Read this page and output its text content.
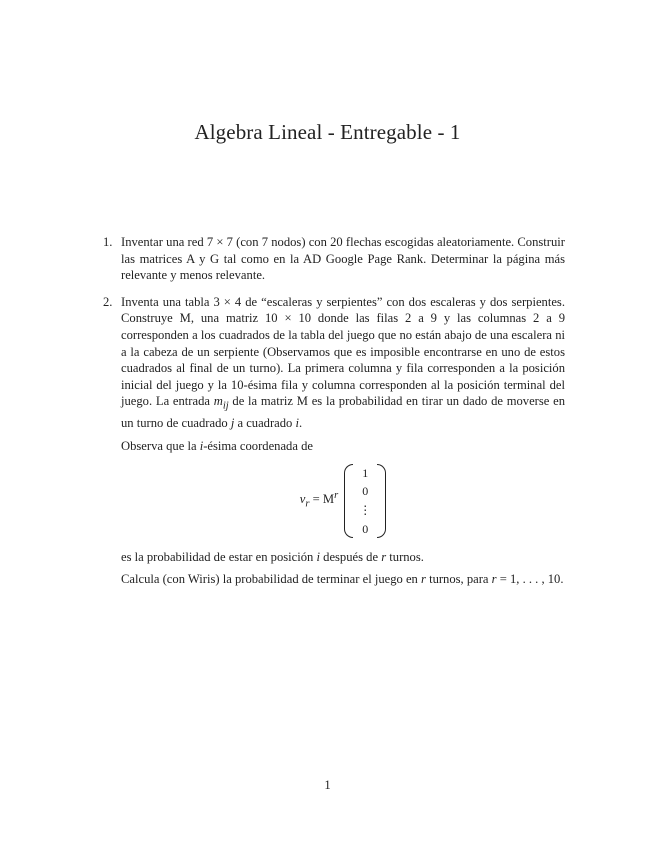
Algebra Lineal - Entregable - 1
1. Inventar una red 7 × 7 (con 7 nodos) con 20 flechas escogidas aleatoriamente. Construir las matrices A y G tal como en la AD Google Page Rank. Determinar la página más relevante y menos relevante.

2. Inventa una tabla 3 × 4 de “escaleras y serpientes” con dos escaleras y dos serpientes. Construye M, una matriz 10 × 10 donde las filas 2 a 9 y las columnas 2 a 9 corresponden a los cuadrados de la tabla del juego que no están abajo de una escalera ni a la cabeza de un serpiente (Observamos que es imposible encontrarse en uno de estos cuadrados al final de un turno). La primera columna y fila corresponden a la posición inicial del juego y la 10-ésima fila y columna corresponden al la posición terminal del juego. La entrada $m_{ij}$ de la matriz M es la probabilidad en tirar un dado de moverse en un turno de cuadrado j a cuadrado i.

Observa que la i-ésima coordenada de

$v_r = M^r$
1
0
⋮
0

es la probabilidad de estar en posición i después de r turnos.

Calcula (con Wiris) la probabilidad de terminar el juego en r turnos, para r = 1, . . . , 10.

1
